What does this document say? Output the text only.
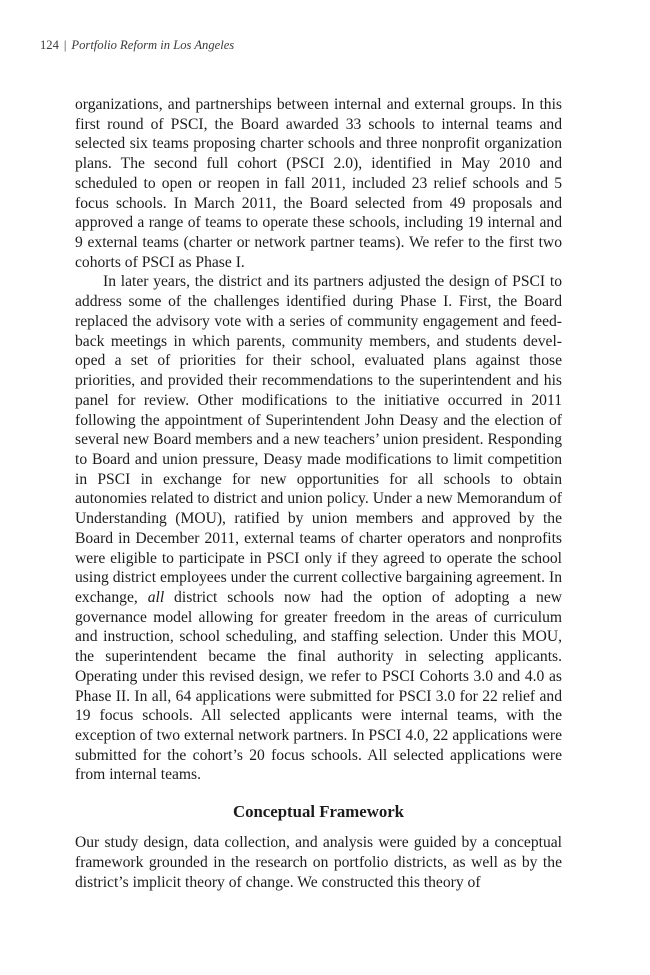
124 | Portfolio Reform in Los Angeles

organizations, and partnerships between internal and external groups. In this first round of PSCI, the Board awarded 33 schools to internal teams and selected six teams proposing charter schools and three nonprofit organization plans. The second full cohort (PSCI 2.0), identified in May 2010 and scheduled to open or reopen in fall 2011, included 23 relief schools and 5 focus schools. In March 2011, the Board selected from 49 proposals and approved a range of teams to operate these schools, including 19 internal and 9 external teams (charter or network partner teams). We refer to the first two cohorts of PSCI as Phase I.

In later years, the district and its partners adjusted the design of PSCI to address some of the challenges identified during Phase I. First, the Board replaced the advisory vote with a series of community engagement and feedback meetings in which parents, community members, and students developed a set of priorities for their school, evaluated plans against those priorities, and provided their recommendations to the superintendent and his panel for review. Other modifications to the initiative occurred in 2011 following the appointment of Superintendent John Deasy and the election of several new Board members and a new teachers’ union president. Responding to Board and union pressure, Deasy made modifications to limit competition in PSCI in exchange for new opportunities for all schools to obtain autonomies related to district and union policy. Under a new Memorandum of Understanding (MOU), ratified by union members and approved by the Board in December 2011, external teams of charter operators and nonprofits were eligible to participate in PSCI only if they agreed to operate the school using district employees under the current collective bargaining agreement. In exchange, all district schools now had the option of adopting a new governance model allowing for greater freedom in the areas of curriculum and instruction, school scheduling, and staffing selection. Under this MOU, the superintendent became the final authority in selecting applicants. Operating under this revised design, we refer to PSCI Cohorts 3.0 and 4.0 as Phase II. In all, 64 applications were submitted for PSCI 3.0 for 22 relief and 19 focus schools. All selected applicants were internal teams, with the exception of two external network partners. In PSCI 4.0, 22 applications were submitted for the cohort’s 20 focus schools. All selected applications were from internal teams.

Conceptual Framework

Our study design, data collection, and analysis were guided by a conceptual framework grounded in the research on portfolio districts, as well as by the district’s implicit theory of change. We constructed this theory of
